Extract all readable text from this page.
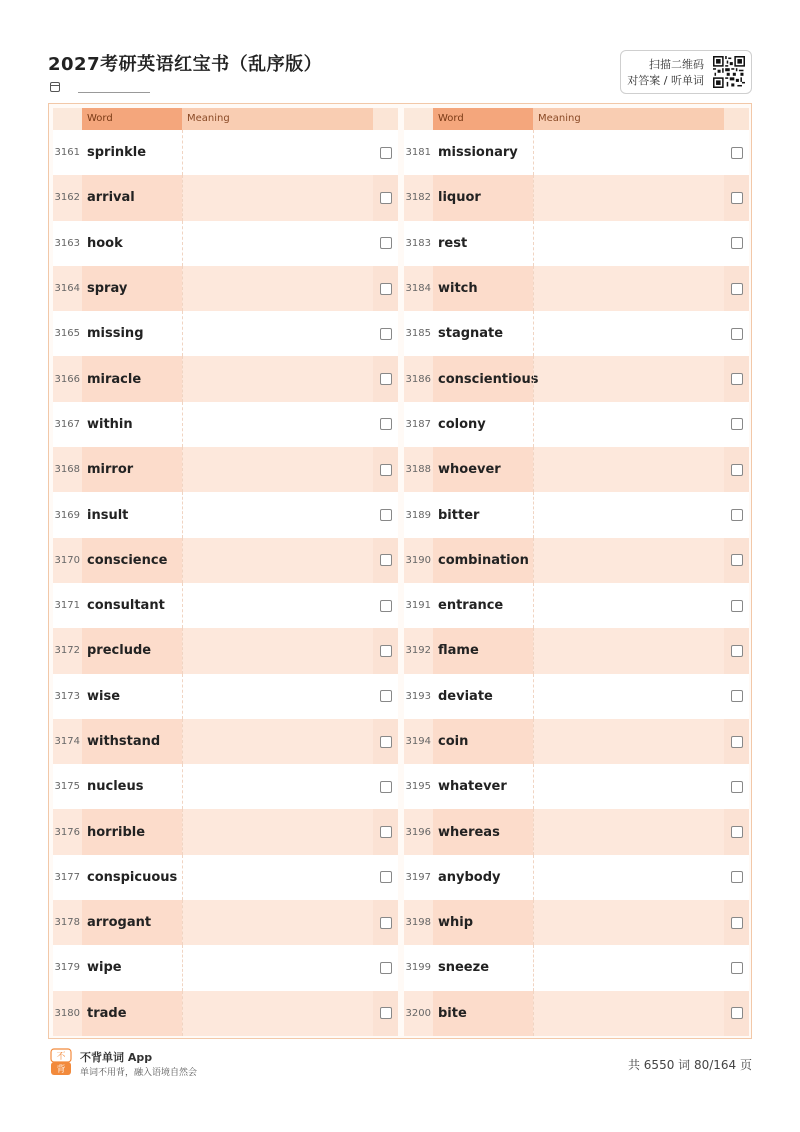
2027考研英语红宝书（乱序版）	扫描二维码
对答案 / 听单词
Word	Meaning
3161 sprinkle
3162 arrival
3163 hook
3164 spray
3165 missing
3166 miracle
3167 within
3168 mirror
3169 insult
3170 conscience
3171 consultant
3172 preclude
3173 wise
3174 withstand
3175 nucleus
3176 horrible
3177 conspicuous
3178 arrogant
3179 wipe
3180 trade
Word	Meaning
3181 missionary
3182 liquor
3183 rest
3184 witch
3185 stagnate
3186 conscientious
3187 colony
3188 whoever
3189 bitter
3190 combination
3191 entrance
3192 flame
3193 deviate
3194 coin
3195 whatever
3196 whereas
3197 anybody
3198 whip
3199 sneeze
3200 bite
不
背
不背单词 App
单词不用背，融入语境自然会
共 6550 词 80/164 页
